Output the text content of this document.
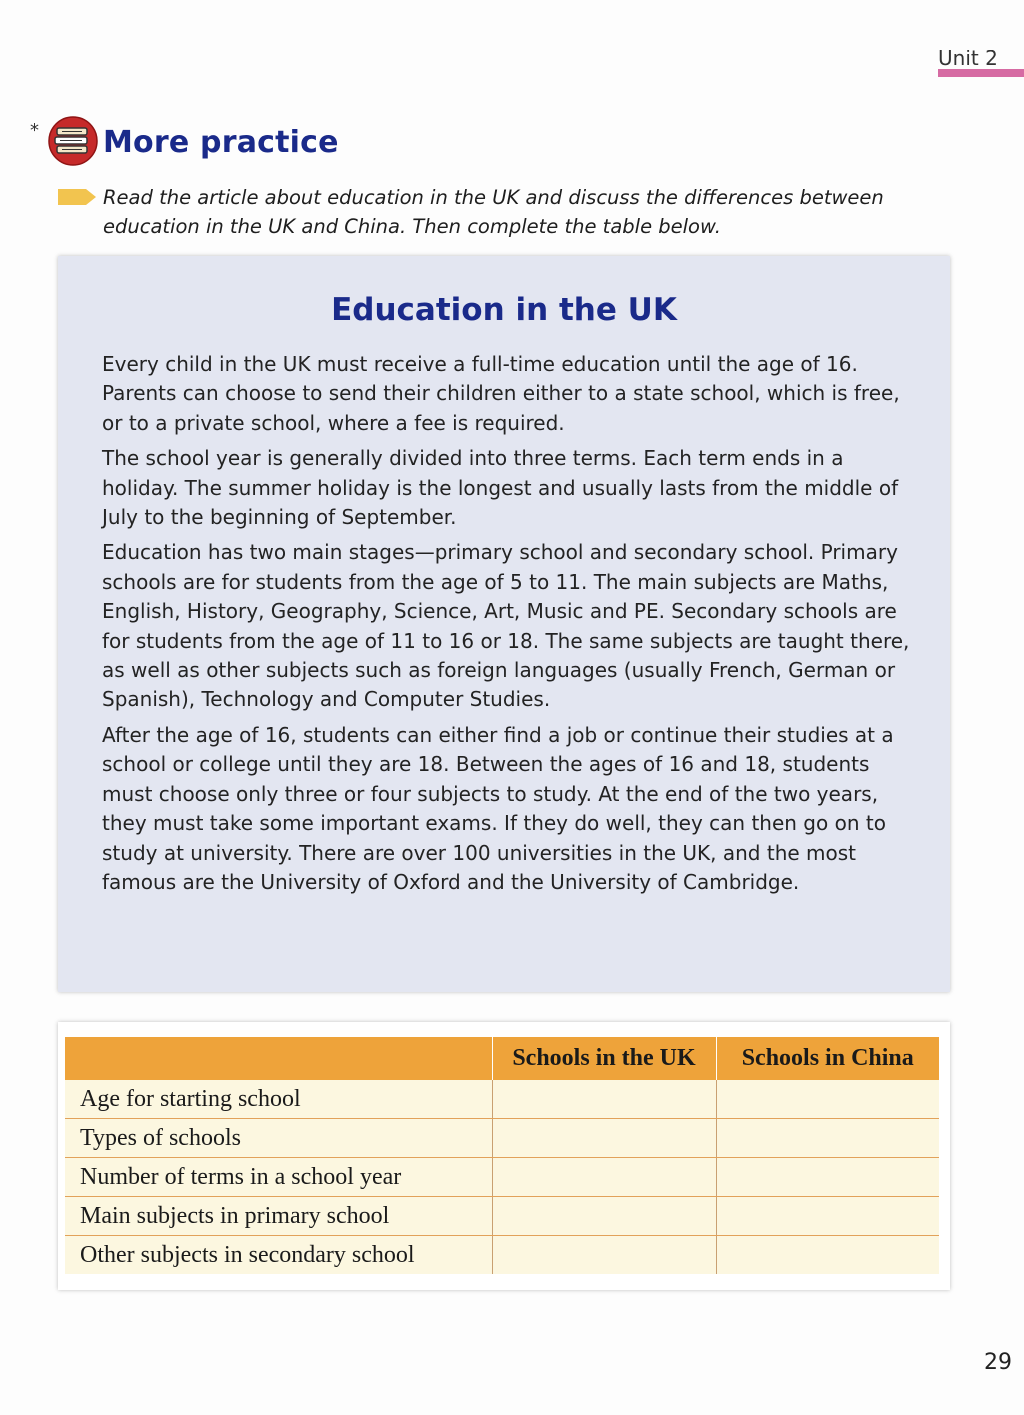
Unit 2
* More practice
Read the article about education in the UK and discuss the differences between education in the UK and China. Then complete the table below.
Education in the UK

Every child in the UK must receive a full-time education until the age of 16. Parents can choose to send their children either to a state school, which is free, or to a private school, where a fee is required.

The school year is generally divided into three terms. Each term ends in a holiday. The summer holiday is the longest and usually lasts from the middle of July to the beginning of September.

Education has two main stages—primary school and secondary school. Primary schools are for students from the age of 5 to 11. The main subjects are Maths, English, History, Geography, Science, Art, Music and PE. Secondary schools are for students from the age of 11 to 16 or 18. The same subjects are taught there, as well as other subjects such as foreign languages (usually French, German or Spanish), Technology and Computer Studies.

After the age of 16, students can either find a job or continue their studies at a school or college until they are 18. Between the ages of 16 and 18, students must choose only three or four subjects to study. At the end of the two years, they must take some important exams. If they do well, they can then go on to study at university. There are over 100 universities in the UK, and the most famous are the University of Oxford and the University of Cambridge.

	Schools in the UK	Schools in China
Age for starting school		
Types of schools		
Number of terms in a school year		
Main subjects in primary school		
Other subjects in secondary school		
29
